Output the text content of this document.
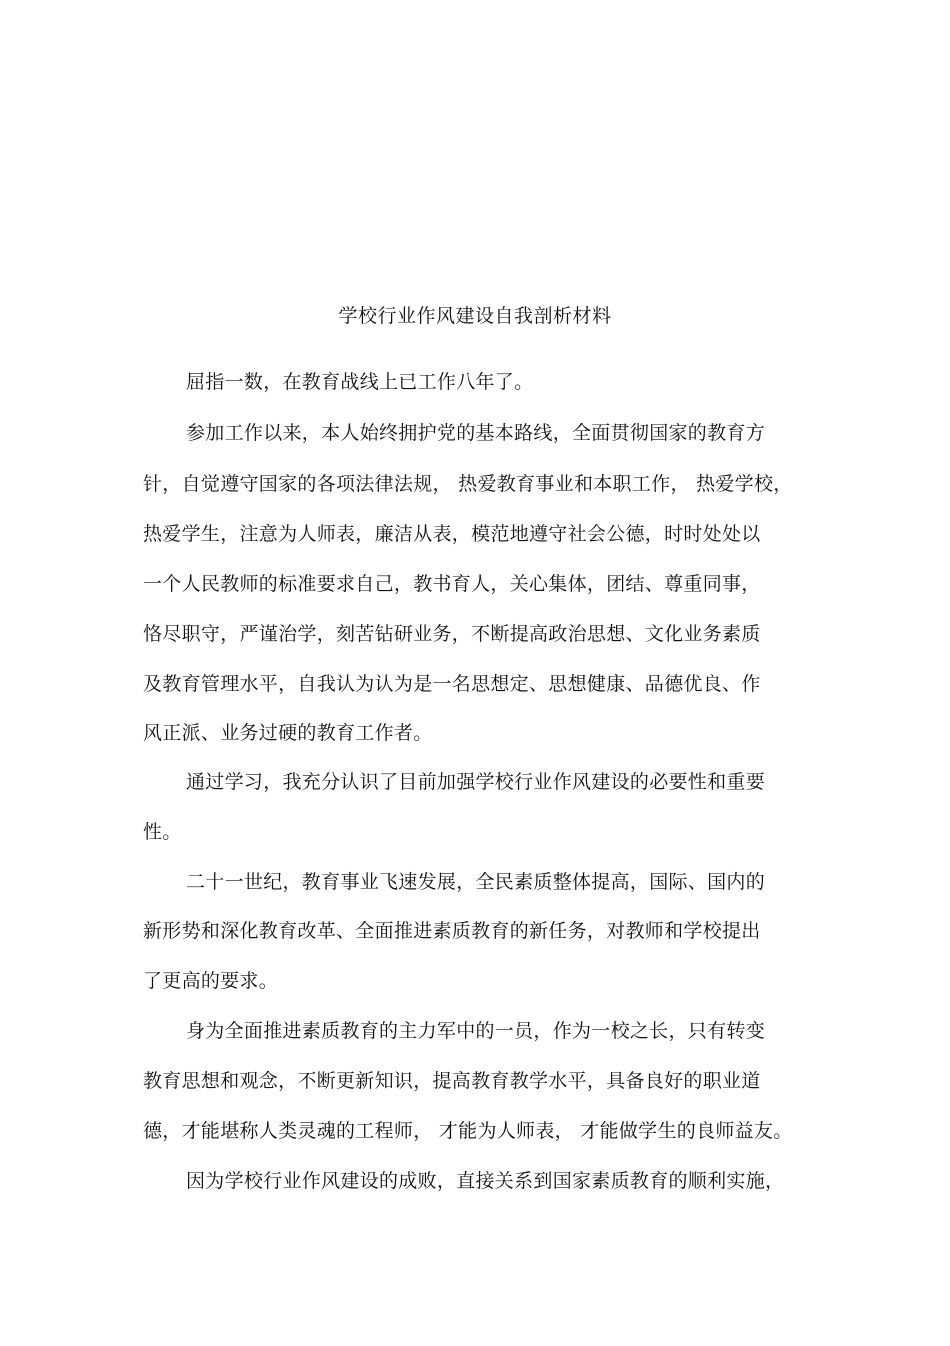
学校行业作风建设自我剖析材料
屈指一数，在教育战线上已工作八年了。
参加工作以来，本人始终拥护党的基本路线，全面贯彻国家的教育方
针，自觉遵守国家的各项法律法规， 热爱教育事业和本职工作， 热爱学校，
热爱学生，注意为人师表，廉洁从表，模范地遵守社会公德，时时处处以
一个人民教师的标准要求自己，教书育人，关心集体，团结、尊重同事，
恪尽职守，严谨治学，刻苦钻研业务，不断提高政治思想、文化业务素质
及教育管理水平，自我认为认为是一名思想定、思想健康、品德优良、作
风正派、业务过硬的教育工作者。
通过学习，我充分认识了目前加强学校行业作风建设的必要性和重要
性。
二十一世纪，教育事业飞速发展，全民素质整体提高，国际、国内的
新形势和深化教育改革、全面推进素质教育的新任务，对教师和学校提出
了更高的要求。
身为全面推进素质教育的主力军中的一员，作为一校之长，只有转变
教育思想和观念，不断更新知识，提高教育教学水平，具备良好的职业道
德，才能堪称人类灵魂的工程师， 才能为人师表， 才能做学生的良师益友。
因为学校行业作风建设的成败，直接关系到国家素质教育的顺利实施，
